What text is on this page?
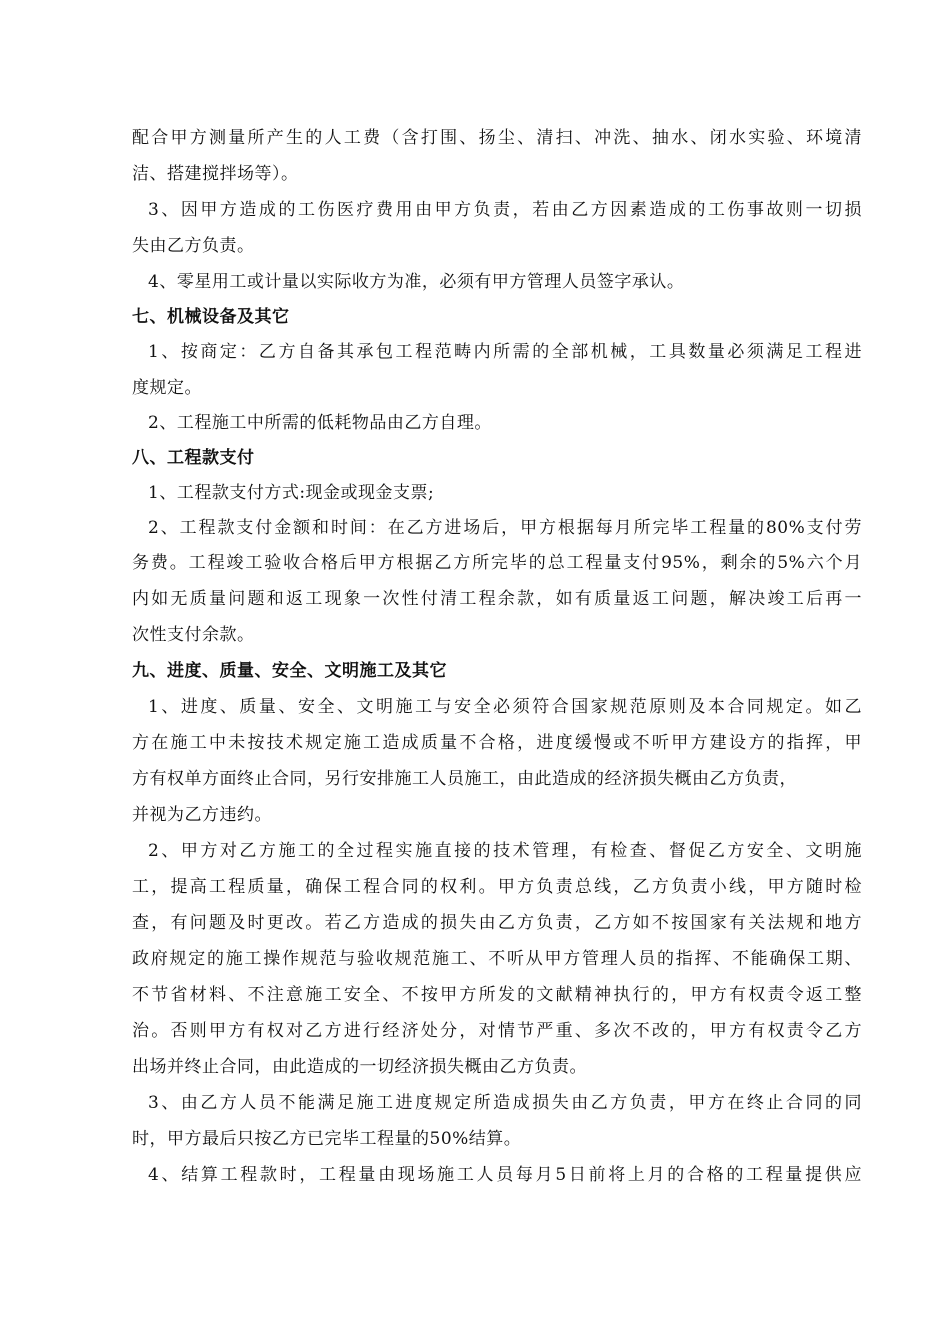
配合甲方测量所产生的人工费（含打围、扬尘、清扫、冲洗、抽水、闭水实验、环境清
洁、搭建搅拌场等）。
3、因甲方造成的工伤医疗费用由甲方负责，若由乙方因素造成的工伤事故则一切损
失由乙方负责。
4、零星用工或计量以实际收方为准，必须有甲方管理人员签字承认。
七、机械设备及其它
1、按商定：乙方自备其承包工程范畴内所需的全部机械，工具数量必须满足工程进
度规定。
2、工程施工中所需的低耗物品由乙方自理。
八、工程款支付
1、工程款支付方式:现金或现金支票;
2、工程款支付金额和时间：在乙方进场后，甲方根据每月所完毕工程量的80%支付劳
务费。工程竣工验收合格后甲方根据乙方所完毕的总工程量支付95%，剩余的5%六个月
内如无质量问题和返工现象一次性付清工程余款，如有质量返工问题，解决竣工后再一
次性支付余款。
九、进度、质量、安全、文明施工及其它
1、进度、质量、安全、文明施工与安全必须符合国家规范原则及本合同规定。如乙
方在施工中未按技术规定施工造成质量不合格，进度缓慢或不听甲方建设方的指挥，甲
方有权单方面终止合同，另行安排施工人员施工，由此造成的经济损失概由乙方负责，
并视为乙方违约。
2、甲方对乙方施工的全过程实施直接的技术管理，有检查、督促乙方安全、文明施
工，提高工程质量，确保工程合同的权利。甲方负责总线，乙方负责小线，甲方随时检
查，有问题及时更改。若乙方造成的损失由乙方负责，乙方如不按国家有关法规和地方
政府规定的施工操作规范与验收规范施工、不听从甲方管理人员的指挥、不能确保工期、
不节省材料、不注意施工安全、不按甲方所发的文献精神执行的，甲方有权责令返工整
治。否则甲方有权对乙方进行经济处分，对情节严重、多次不改的，甲方有权责令乙方
出场并终止合同，由此造成的一切经济损失概由乙方负责。
3、由乙方人员不能满足施工进度规定所造成损失由乙方负责，甲方在终止合同的同
时，甲方最后只按乙方已完毕工程量的50%结算。
4、结算工程款时，工程量由现场施工人员每月5日前将上月的合格的工程量提供应
